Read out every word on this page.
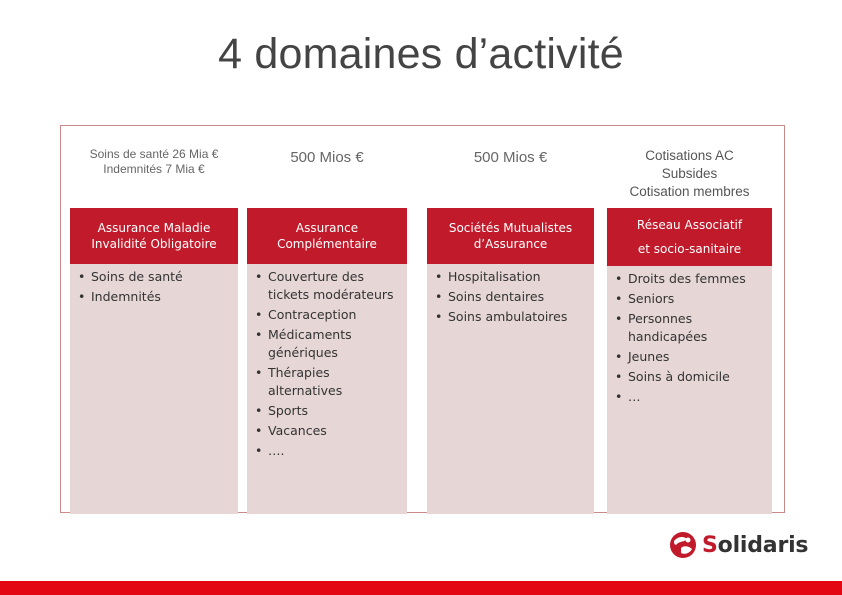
4 domaines d’activité
Soins de santé 26 Mia €
Indemnités 7 Mia €
Assurance Maladie
Invalidité Obligatoire
• Soins de santé
• Indemnités
500 Mios €
Assurance
Complémentaire
• Couverture des tickets modérateurs
• Contraception
• Médicaments génériques
• Thérapies alternatives
• Sports
• Vacances
• ….
500 Mios €
Sociétés Mutualistes
d’Assurance
• Hospitalisation
• Soins dentaires
• Soins ambulatoires
Cotisations AC
Subsides
Cotisation membres
Réseau Associatif

et socio-sanitaire
• Droits des femmes
• Seniors
• Personnes handicapées
• Jeunes
• Soins à domicile
• …
Solidaris
